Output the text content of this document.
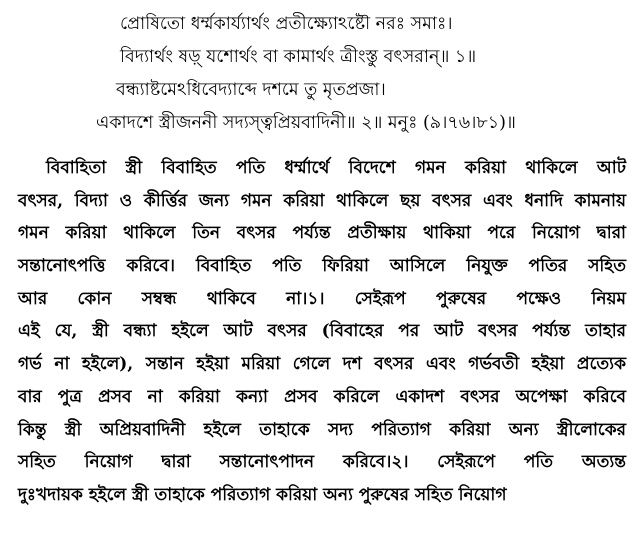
প্রোষিতো ধর্ম্মকার্য্যার্থং প্রতীক্ষ্যোঽষ্টৌ নরঃ সমাঃ।
বিদ্যার্থং ষড়্ যশোর্থং বা কামার্থং ত্রীংস্তু বৎসরান্॥ ১॥
বন্ধ্যাষ্টমেঽধিবেদ্যাব্দে দশমে তু মৃতপ্রজা।
একাদশে স্ত্রীজননী সদ্যস্ত্বপ্রিয়বাদিনী॥ ২॥ মনুঃ (৯।৭৬।৮১)॥
বিবাহিতা স্ত্রী বিবাহিত পতি ধর্ম্মার্থে বিদেশে গমন করিয়া থাকিলে আট
বৎসর, বিদ্যা ও কীর্ত্তির জন্য গমন করিয়া থাকিলে ছয় বৎসর এবং ধনাদি কামনায়
গমন করিয়া থাকিলে তিন বৎসর পর্য্যন্ত প্রতীক্ষায় থাকিয়া পরে নিয়োগ দ্বারা
সন্তানোৎপত্তি করিবে। বিবাহিত পতি ফিরিয়া আসিলে নিযুক্ত পতির সহিত
আর কোন সম্বন্ধ থাকিবে না।১। সেইরূপ পুরুষের পক্ষেও নিয়ম
এই যে, স্ত্রী বন্ধ্যা হইলে আট বৎসর (বিবাহের পর আট বৎসর পর্য্যন্ত তাহার
গর্ভ না হইলে), সন্তান হইয়া মরিয়া গেলে দশ বৎসর এবং গর্ভবতী হইয়া প্রত্যেক
বার পুত্র প্রসব না করিয়া কন্যা প্রসব করিলে একাদশ বৎসর অপেক্ষা করিবে
কিন্তু স্ত্রী অপ্রিয়বাদিনী হইলে তাহাকে সদ্য পরিত্যাগ করিয়া অন্য স্ত্রীলোকের
সহিত নিয়োগ দ্বারা সন্তানোৎপাদন করিবে।২। সেইরূপে পতি অত্যন্ত
দুঃখদায়ক হইলে স্ত্রী তাহাকে পরিত্যাগ করিয়া অন্য পুরুষের সহিত নিয়োগ
